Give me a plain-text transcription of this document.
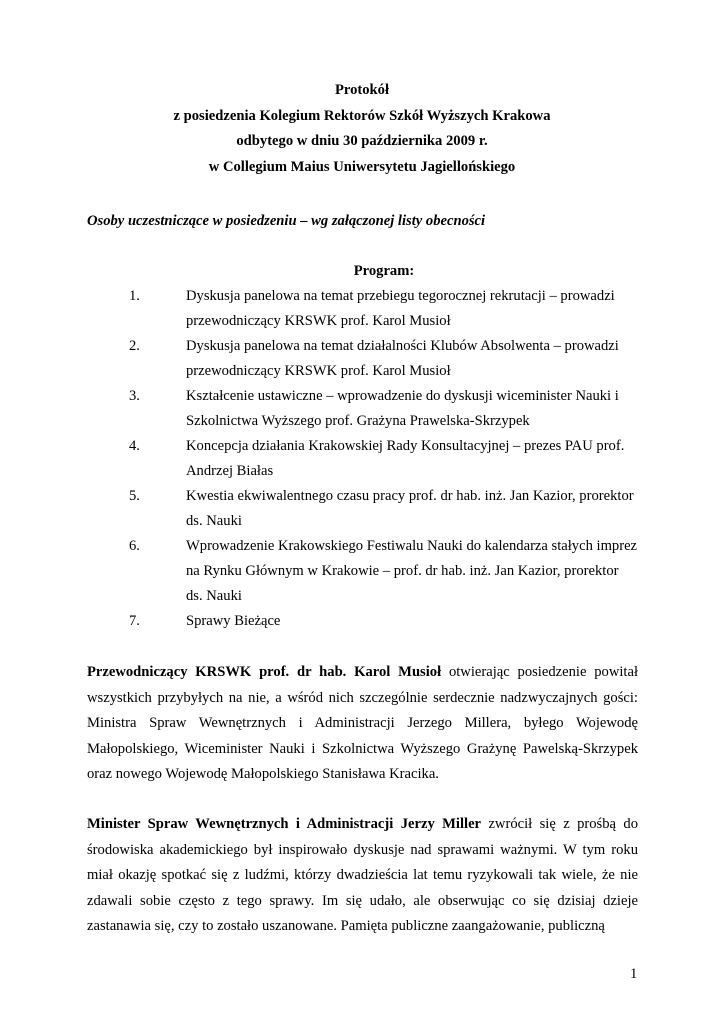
Protokół
z posiedzenia Kolegium Rektorów Szkół Wyższych Krakowa
odbytego w dniu 30 października 2009 r.
w Collegium Maius Uniwersytetu Jagiellońskiego
Osoby uczestniczące w posiedzeniu – wg załączonej listy obecności
Program:
1.	Dyskusja panelowa na temat przebiegu tegorocznej rekrutacji – prowadzi
przewodniczący KRSWK prof. Karol Musioł
2.	Dyskusja panelowa na temat działalności Klubów Absolwenta – prowadzi
przewodniczący KRSWK prof. Karol Musioł
3.	Kształcenie ustawiczne – wprowadzenie do dyskusji wiceminister Nauki i
Szkolnictwa Wyższego prof. Grażyna Prawelska-Skrzypek
4.	Koncepcja działania Krakowskiej Rady Konsultacyjnej – prezes PAU prof.
Andrzej Białas
5.	Kwestia ekwiwalentnego czasu pracy prof. dr hab. inż. Jan Kazior, prorektor
ds. Nauki
6.	Wprowadzenie Krakowskiego Festiwalu Nauki do kalendarza stałych imprez
na Rynku Głównym w Krakowie – prof. dr hab. inż. Jan Kazior, prorektor
ds. Nauki
7.	Sprawy Bieżące
Przewodniczący KRSWK prof. dr hab. Karol Musioł otwierając posiedzenie powitał wszystkich przybyłych na nie, a wśród nich szczególnie serdecznie nadzwyczajnych gości: Ministra Spraw Wewnętrznych i Administracji Jerzego Millera, byłego Wojewodę Małopolskiego, Wiceminister Nauki i Szkolnictwa Wyższego Grażynę Pawelską-Skrzypek oraz nowego Wojewodę Małopolskiego Stanisława Kracika.
Minister Spraw Wewnętrznych i Administracji Jerzy Miller zwrócił się z prośbą do środowiska akademickiego był inspirowało dyskusje nad sprawami ważnymi. W tym roku miał okazję spotkać się z ludźmi, którzy dwadzieścia lat temu ryzykowali tak wiele, że nie zdawali sobie często z tego sprawy. Im się udało, ale obserwując co się dzisiaj dzieje zastanawia się, czy to zostało uszanowane. Pamięta publiczne zaangażowanie, publiczną
1
